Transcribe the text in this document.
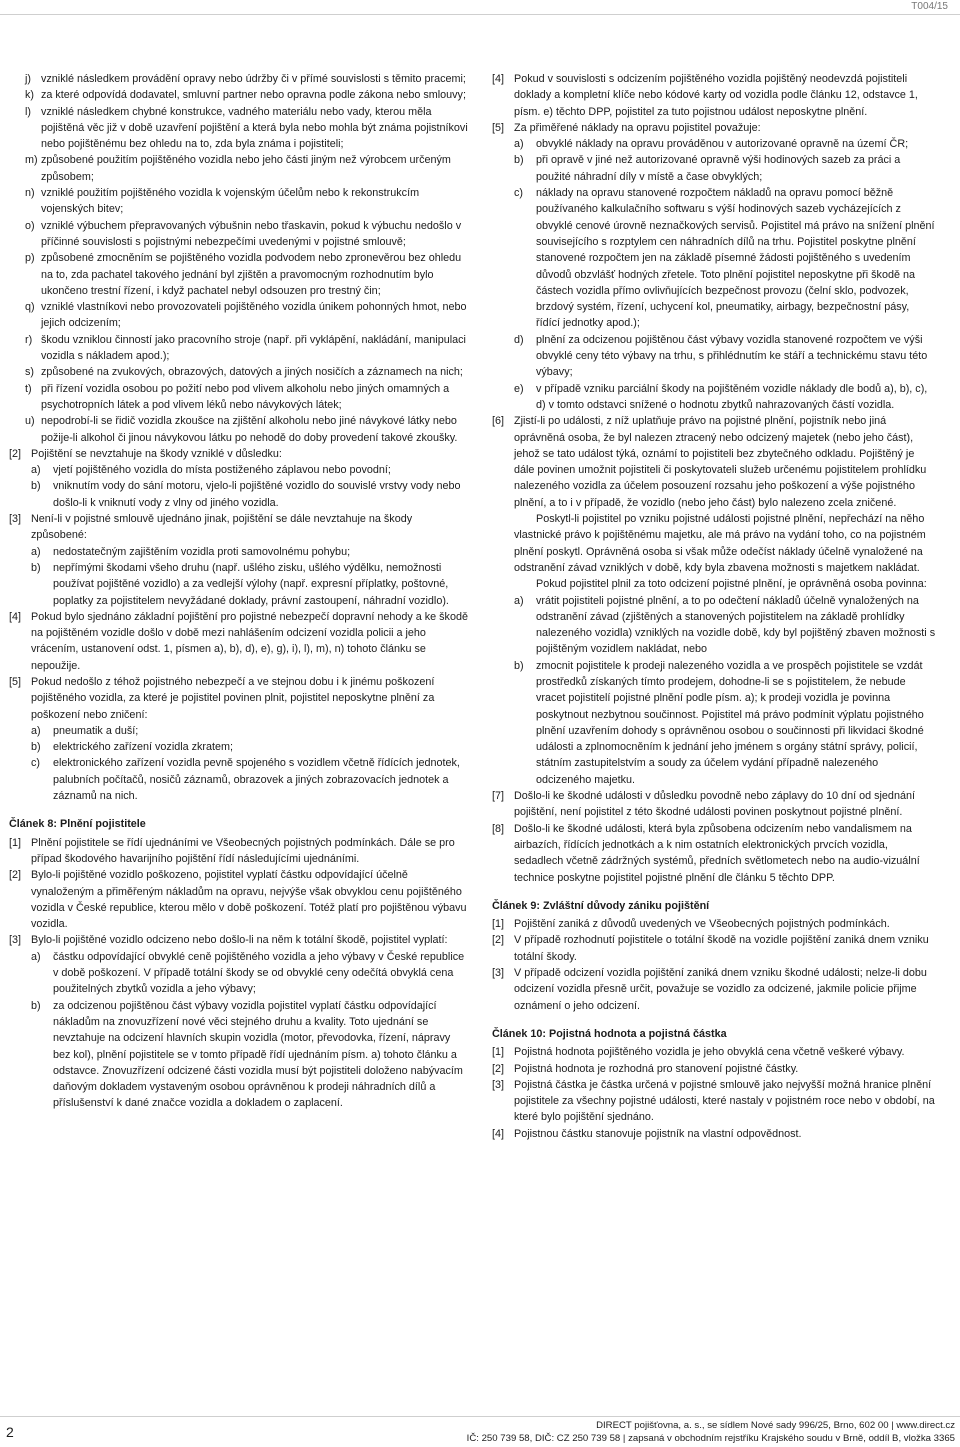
T004/15
j) vzniklé následkem provádění opravy nebo údržby či v přímé souvislosti s těmito pracemi;
k) za které odpovídá dodavatel, smluvní partner nebo opravna podle zákona nebo smlouvy;
l) vzniklé následkem chybné konstrukce, vadného materiálu nebo vady, kterou měla pojištěná věc již v době uzavření pojištění a která byla nebo mohla být známa pojistníkovi nebo pojištěnému bez ohledu na to, zda byla známa i pojistiteli;
m) způsobené použitím pojištěného vozidla nebo jeho části jiným než výrobcem určeným způsobem;
n) vzniklé použitím pojištěného vozidla k vojenským účelům nebo k rekonstrukcím vojenských bitev;
o) vzniklé výbuchem přepravovaných výbušnin nebo třaskavin, pokud k výbuchu nedošlo v příčinné souvislosti s pojistnými nebezpečími uvedenými v pojistné smlouvě;
p) způsobené zmocněním se pojištěného vozidla podvodem nebo zpronevěrou bez ohledu na to, zda pachatel takového jednání byl zjištěn a pravomocným rozhodnutím bylo ukončeno trestní řízení, i když pachatel nebyl odsouzen pro trestný čin;
q) vzniklé vlastníkovi nebo provozovateli pojištěného vozidla únikem pohonných hmot, nebo jejich odcizením;
r) škodu vzniklou činností jako pracovního stroje (např. při vyklápění, nakládání, manipulaci vozidla s nákladem apod.);
s) způsobené na zvukových, obrazových, datových a jiných nosičích a záznamech na nich;
t) při řízení vozidla osobou po požití nebo pod vlivem alkoholu nebo jiných omamných a psychotropních látek a pod vlivem léků nebo návykových látek;
u) nepodrobí-li se řidič vozidla zkoušce na zjištění alkoholu nebo jiné návykové látky nebo požije-li alkohol či jinou návykovou látku po nehodě do doby provedení takové zkoušky.
[2] Pojištění se nevztahuje na škody vzniklé v důsledku:
a) vjetí pojištěného vozidla do místa postiženého záplavou nebo povodní;
b) vniknutím vody do sání motoru, vjelo-li pojištěné vozidlo do souvislé vrstvy vody nebo došlo-li k vniknutí vody z vlny od jiného vozidla.
[3] Není-li v pojistné smlouvě ujednáno jinak, pojištění se dále nevztahuje na škody způsobené:
a) nedostatečným zajištěním vozidla proti samovolnému pohybu;
b) nepřímými škodami všeho druhu (např. ušlého zisku, ušlého výdělku, nemožnosti používat pojištěné vozidlo) a za vedlejší výlohy (např. expresní příplatky, poštovné, poplatky za pojistitelem nevyžádané doklady, právní zastoupení, náhradní vozidlo).
[4] Pokud bylo sjednáno základní pojištění pro pojistné nebezpečí dopravní nehody a ke škodě na pojištěném vozidle došlo v době mezi nahlášením odcizení vozidla policii a jeho vrácením, ustanovení odst. 1, písmen a), b), d), e), g), i), l), m), n) tohoto článku se nepoužije.
[5] Pokud nedošlo z téhož pojistného nebezpečí a ve stejnou dobu i k jinému poškození pojištěného vozidla, za které je pojistitel povinen plnit, pojistitel neposkytne plnění za poškození nebo zničení:
a) pneumatik a duší;
b) elektrického zařízení vozidla zkratem;
c) elektronického zařízení vozidla pevně spojeného s vozidlem včetně řídících jednotek, palubních počítačů, nosičů záznamů, obrazovek a jiných zobrazovacích jednotek a záznamů na nich.
Článek 8: Plnění pojistitele
[1] Plnění pojistitele se řídí ujednáními ve Všeobecných pojistných podmínkách. Dále se pro případ škodového havarijního pojištění řídí následujícími ujednáními.
[2] Bylo-li pojištěné vozidlo poškozeno, pojistitel vyplatí částku odpovídající účelně vynaloženým a přiměřeným nákladům na opravu, nejvýše však obvyklou cenu pojištěného vozidla v České republice, kterou mělo v době poškození. Totéž platí pro pojištěnou výbavu vozidla.
[3] Bylo-li pojištěné vozidlo odcizeno nebo došlo-li na něm k totální škodě, pojistitel vyplatí:
a) částku odpovídající obvyklé ceně pojištěného vozidla a jeho výbavy v České republice v době poškození. V případě totální škody se od obvyklé ceny odečítá obvyklá cena použitelných zbytků vozidla a jeho výbavy;
b) za odcizenou pojištěnou část výbavy vozidla pojistitel vyplatí částku odpovídající nákladům na znovuzřízení nové věci stejného druhu a kvality. Toto ujednání se nevztahuje na odcizení hlavních skupin vozidla (motor, převodovka, řízení, nápravy bez kol), plnění pojistitele se v tomto případě řídí ujednáním písm. a) tohoto článku a odstavce. Znovuzřízení odcizené části vozidla musí být pojistiteli doloženo nabývacím daňovým dokladem vystaveným osobou oprávněnou k prodeji náhradních dílů a příslušenství k dané značce vozidla a dokladem o zaplacení.
[4] Pokud v souvislosti s odcizením pojištěného vozidla pojištěný neodevzdá pojistiteli doklady a kompletní klíče nebo kódové karty od vozidla podle článku 12, odstavce 1, písm. e) těchto DPP, pojistitel za tuto pojistnou událost neposkytne plnění.

[5] Za přiměřené náklady na opravu pojistitel považuje:

a) obvyklé náklady na opravu prováděnou v autorizované opravně na území ČR;
b) při opravě v jiné než autorizované opravně výši hodinových sazeb za práci a použité náhradní díly v místě a čase obvyklých;
c) náklady na opravu stanovené rozpočtem nákladů na opravu pomocí běžně používaného kalkulačního softwaru s výší hodinových sazeb vycházejících z obvyklé cenové úrovně neznačkových servisů. Pojistitel má právo na snížení plnění souvisejícího s rozptylem cen náhradních dílů na trhu. Pojistitel poskytne plnění stanovené rozpočtem jen na základě písemné žádosti pojištěného s uvedením důvodů obzvlášť hodných zřetele. Toto plnění pojistitel neposkytne při škodě na částech vozidla přímo ovlivňujících bezpečnost provozu (čelní sklo, podvozek, brzdový systém, řízení, uchycení kol, pneumatiky, airbagy, bezpečnostní pásy, řídící jednotky apod.);
d) plnění za odcizenou pojištěnou část výbavy vozidla stanovené rozpočtem ve výši obvyklé ceny této výbavy na trhu, s přihlédnutím ke stáří a technickému stavu této výbavy;
e) v případě vzniku parciální škody na pojištěném vozidle náklady dle bodů a), b), c), d) v tomto odstavci snížené o hodnotu zbytků nahrazovaných částí vozidla.
[6] Zjistí-li po události, z níž uplatňuje právo na pojistné plnění, pojistník nebo jiná oprávněná osoba, že byl nalezen ztracený nebo odcizený majetek (nebo jeho část), jehož se tato událost týká, oznámí to pojistiteli bez zbytečného odkladu. Pojištěný je dále povinen umožnit pojistiteli či poskytovateli služeb určenému pojistitelem prohlídku nalezeného vozidla za účelem posouzení rozsahu jeho poškození a výše pojistného plnění, a to i v případě, že vozidlo (nebo jeho část) bylo nalezeno zcela zničené.

Poskytl-li pojistitel po vzniku pojistné události pojistné plnění, nepřechází na něho vlastnické právo k pojištěnému majetku, ale má právo na vydání toho, co na pojistném plnění poskytl. Oprávněná osoba si však může odečíst náklady účelně vynaložené na odstranění závad vzniklých v době, kdy byla zbavena možnosti s majetkem nakládat.

Pokud pojistitel plnil za toto odcizení pojistné plnění, je oprávněná osoba povinna:

a) vrátit pojistiteli pojistné plnění, a to po odečtení nákladů účelně vynaložených na odstranění závad (zjištěných a stanovených pojistitelem na základě prohlídky nalezeného vozidla) vzniklých na vozidle době, kdy byl pojištěný zbaven možnosti s pojištěným vozidlem nakládat, nebo
b) zmocnit pojistitele k prodeji nalezeného vozidla a ve prospěch pojistitele se vzdát prostředků získaných tímto prodejem, dohodne-li se s pojistitelem, že nebude vracet pojistitelí pojistné plnění podle písm. a); k prodeji vozidla je povinna poskytnout nezbytnou součinnost. Pojistitel má právo podmínit výplatu pojistného plnění uzavřením dohody s oprávněnou osobou o součinnosti při likvidaci škodné události a zplnomocněním k jednání jeho jménem s orgány státní správy, policií, státním zastupitelstvím a soudy za účelem vydání případně nalezeného odcizeného majetku.
[7] Došlo-li ke škodné události v důsledku povodně nebo záplavy do 10 dní od sjednání pojištění, není pojistitel z této škodné události povinen poskytnout pojistné plnění.

[8] Došlo-li ke škodné události, která byla způsobena odcizením nebo vandalismem na airbazích, řídících jednotkách a k nim ostatních elektronických prvcích vozidla, sedadlech včetně zádržných systémů, předních světlometech nebo na audio-vizuální technice poskytne pojistitel pojistné plnění dle článku 5 těchto DPP.

Článek 9: Zvláštní důvody zániku pojištění
[1] Pojištění zaniká z důvodů uvedených ve Všeobecných pojistných podmínkách.
[2] V případě rozhodnutí pojistitele o totální škodě na vozidle pojištění zaniká dnem vzniku totální škody.
[3] V případě odcizení vozidla pojištění zaniká dnem vzniku škodné události; nelze-li dobu odcizení vozidla přesně určit, považuje se vozidlo za odcizené, jakmile policie přijme oznámení o jeho odcizení.
Článek 10: Pojistná hodnota a pojistná částka
[1] Pojistná hodnota pojištěného vozidla je jeho obvyklá cena včetně veškeré výbavy.
[2] Pojistná hodnota je rozhodná pro stanovení pojistné částky.
[3] Pojistná částka je částka určená v pojistné smlouvě jako nejvyšší možná hranice plnění pojistitele za všechny pojistné události, které nastaly v pojistném roce nebo v období, na které bylo pojištění sjednáno.
[4] Pojistnou částku stanovuje pojistník na vlastní odpovědnost.
2	DIRECT pojišťovna, a. s., se sídlem Nové sady 996/25, Brno, 602 00 | www.direct.cz
IČ: 250 739 58, DIČ: CZ 250 739 58 | zapsaná v obchodním rejstříku Krajského soudu v Brně, oddíl B, vložka 3365
